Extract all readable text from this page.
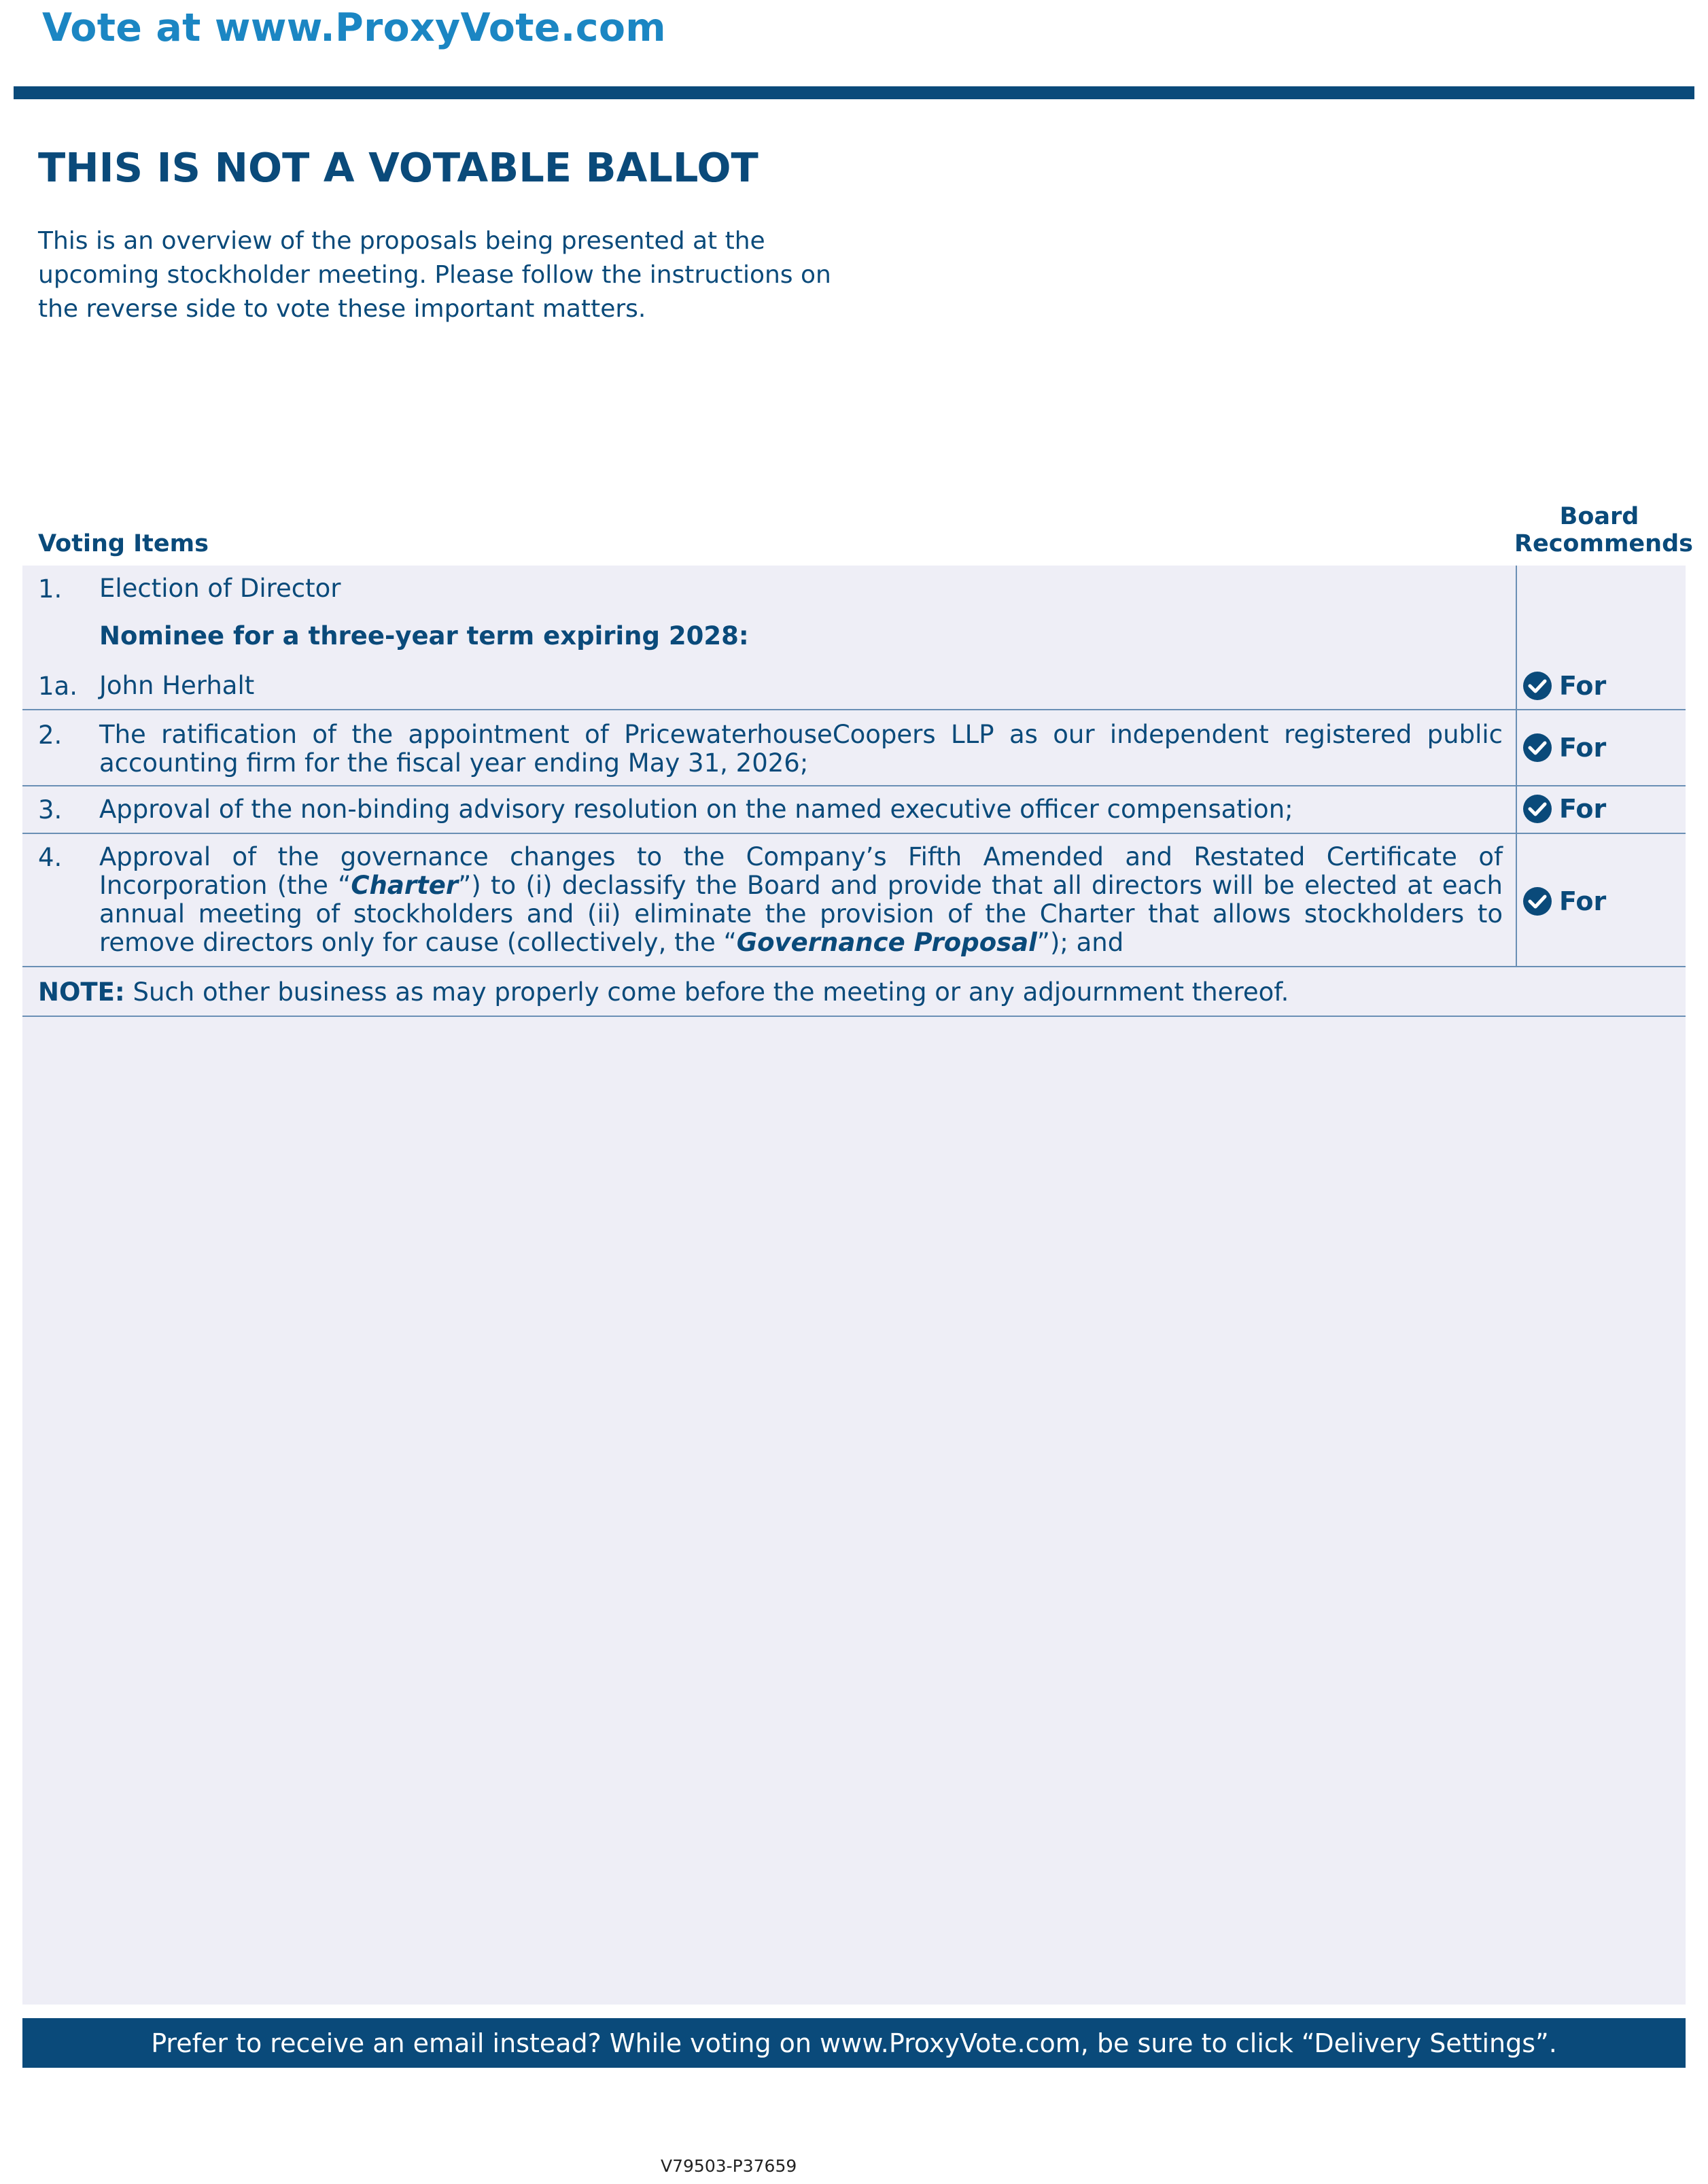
Vote at www.ProxyVote.com
THIS IS NOT A VOTABLE BALLOT
This is an overview of the proposals being presented at the
upcoming stockholder meeting. Please follow the instructions on
the reverse side to vote these important matters.
Voting Items
Board
Recommends
1. Election of Director
Nominee for a three-year term expiring 2028:
1a. John Herhalt	For
2. The ratification of the appointment of PricewaterhouseCoopers LLP as our independent registered public accounting firm for the fiscal year ending May 31, 2026;
For
3. Approval of the non-binding advisory resolution on the named executive officer compensation;	For
4. Approval of the governance changes to the Company’s Fifth Amended and Restated Certificate of Incorporation (the “Charter”) to (i) declassify the Board and provide that all directors will be elected at each annual meeting of stockholders and (ii) eliminate the provision of the Charter that allows stockholders to remove directors only for cause (collectively, the “Governance Proposal”); and
For
NOTE: Such other business as may properly come before the meeting or any adjournment thereof.
Prefer to receive an email instead? While voting on www.ProxyVote.com, be sure to click “Delivery Settings”.
V79503-P37659
